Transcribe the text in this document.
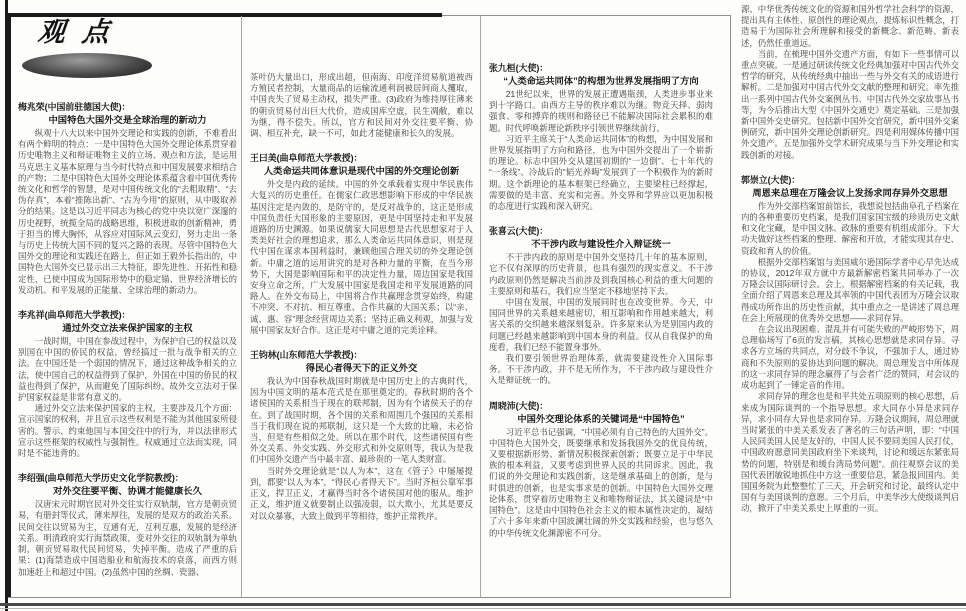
观点
梅兆荣(中国前驻德国大使)：
中国特色大国外交是全球治理的新动力

纵观十八大以来中国外交理论和实践的创新，不难看出有两个鲜明的特点：一是中国特色大国外交理论体系贯穿着历史唯物主义和辩证唯物主义的立场、观点和方法，是运用马克思主义基本原理与当今时代特点和中国发展要求相结合的产物；二是中国特色大国外交理论体系蕴含着中国优秀传统文化和哲学的智慧，是对中国传统文化的“去粗取精”、“去伪存真”，本着“推陈出新”、“古为今用”的原则，从中吸取养分的结果。这是以习近平同志为核心的党中央以宽广深邃的历史视野，统揽全局的战略思维，积极进取的创新精神，勇于担当的博大胸怀，从容应对国际风云变幻，努力走出一条与历史上传统大国不同的复兴之路的表现。尽管中国特色大国外交的理论和实践还在路上，但正如王毅外长指出的，中国特色大国外交已显示出三大特征，即先进性、开拓性和稳定性，已使中国成为国际形势中的稳定锚、世界经济增长的发动机、和平发展的正能量、全球治理的新动力。

李兆祥(曲阜师范大学教授)：
通过外交立法来保护国家的主权

一战时期，中国在参战过程中，为保护自己的权益以及别国在中国的侨民的权益，曾经搞过一批与战争相关的立法。在中国还是一个弱国的情况下，通过这种战争相关的立法，使中国自己的权益得到了保护，外国在中国的侨民的权益也得到了保护，从而避免了国际纠纷。故外交立法对于保护国家权益是非常有意义的。

通过外交立法来保护国家的主权，主要涉及几个方面：宣示国家的权利，并且宣示这些权利是不能为其他国家所侵害的。警示、约束他国与本国交往中的行为，并以法律形式宣示这些框架的权威性与强制性。权威通过立法而实现，同时是不能违背的。

李绍强(曲阜师范大学历史文化学院教授)：
对外交往要平衡、协调才能健康长久

汉唐宋元时期官民对外交往实行双轨制，官方是朝贡贸易，有册封等仪式，薄来厚往，发展的是双方的政治关系。民间交往以贸易为主，互通有无，互利互惠，发展的是经济关系。明清政府实行海禁政策，变对外交往的双轨制为单轨制，朝贡贸易取代民间贸易，失掉平衡。造成了严重的后果：(1)海禁造成中国造船业和航海技术的衰落，而西方则加速赶上和超过中国。(2)虽然中国的丝绸、瓷器、

茶叶仍大量出口，形成出超，但南海、印度洋贸易航道被西方殖民者控制，大量商品的运输流通利润被居间商人攫取，中国丧失了贸易主动权，损失严重。(3)政府为维持厚往薄来的朝贡贸易付出巨大代价，造成国库空虚，民生凋敝，难以为继，得不偿失。所以，官方和民间对外交往要平衡、协调、相互补充，缺一不可，如此才能健康和长久的发展。

王曰美(曲阜师范大学教授)：
人类命运共同体意识是现代中国的外交理论创新

外交是内政的延续。中国的外交承载着实现中华民族伟大复兴的历史重任。在儒家仁政思想影响下形成的中华民族基因注定是内敛的，是防守的，是反对战争的，这正是形成中国负责任大国形象的主要原因，更是中国坚持走和平发展道路的历史渊源。如果说儒家大同思想是古代思想家对于人类美好社会的理想追求，那么人类命运共同体意识，则是现代中国在谋求本国利益时，兼顾他国合理关切的外交理论创新。中庸之道的运用讲究的是对各种力量的平衡，在当今形势下，大国是影响国际和平的决定性力量，周边国家是我国安身立命之所，广大发展中国家是我国走和平发展道路的同路人。在外交布局上，中国将合作共赢理念贯穿始终，构建不冲突、不对抗、相互尊重、合作共赢的大国关系；以“亲、诚、惠、容”理念经营周边关系；坚持正确义利观，加强与发展中国家友好合作。这正是对中庸之道的完美诠释。

王钧林(山东师范大学教授)：
得民心者得天下的正义外交

我认为中国春秋战国时期就是中国历史上的古典时代，因为中国文明的基本范式是在那里奠定的。春秋时期的各个诸侯国的关系相当于现在的联邦制，因为有个诸侯天子的存在。到了战国时期，各个国的关系和周围几个强国的关系相当于我们现在说的邦联制，这只是一个大致的比喻，未必恰当，但是有些相似之处。所以在那个时代，这些诸侯国有些外交关系、外交实践、外交形式和外交原则等，我认为是我们中国外交遗产当中最丰富、最珍贵的一笔人类财富。

当时外交理论就是“以人为本”，这在《管子》中屡屡提到，都要“以人为本”，“得民心者得天下”。当时齐桓公靠军事正义，捍卫正义，才赢得当时各个诸侯国对他的服从。维护正义，维护道义就要制止以强凌弱，以大欺小，尤其是要反对以众暴寡，大致上做到平等相待，维护正常秩序。

张九桓(大使)：
“人类命运共同体”的构想为世界发展指明了方向

21世纪以来，世界的发展正遭遇瓶颈，人类进步事业来到十字路口。由西方主导的秩序难以为继。物竞天择、弱肉强食、零和搏弈的规则和路径已不能解决国际社会累积的难题。时代呼唤新理论新秩序引领世界继续前行。

习近平主席关于“人类命运共同体”的构想，为中国发展和世界发展指明了方向和路径，也为中国外交提出了一个崭新的理论。标志中国外交从建国初期的“一边倒”、七十年代的“一条线”、冷战后的“韬光养晦”发展到了一个积极作为的新时期。这个新理论的基本框架已经确立，主要梁柱已经撑起，需要做的是丰富、充实和完善。外交界和学界应以更加积极的态度进行实践和深入研究。

张喜云(大使)：
不干涉内政与建设性介入辩证统一

不干涉内政的原则是中国外交坚持几十年的基本原则，它不仅有深厚的历史背景，也具有强烈的现实意义。不干涉内政原则仍然是解决当前涉及到我国核心利益的重大问题的主要原则和基石，我们应当坚定不移地坚持下去。

中国在发展，中国的发展同时也在改变世界。今天，中国同世界的关系越来越密切，相互影响和作用越来越大，利害关系的交织越来越深刻复杂。许多原来认为是别国内政的问题已经越来越影响到中国本身的利益。仅从自我保护的角度看，我们已经不能置身事外。

我们要引领世界治理体系，就需要建设性介入国际事务。不干涉内政，并不是无所作为，不干涉内政与建设性介入是辩证统一的。

周晓沛(大使)：
中国外交理论体系的关键词是“中国特色”

习近平总书记强调，“中国必须有自己特色的大国外交”。中国特色大国外交，既要继承和发扬我国外交的优良传统，又要根据新形势、新情况积极探索创新；既要立足于中华民族的根本利益，又要考虑到世界人民的共同诉求。因此，我们说的外交理论和实践创新，这是继承基础上的创新，是与时俱进的创新，也是实事求是的创新。中国特色大国外交理论体系，贯穿着历史唯物主义和唯物辩证法，其关键词是“中国特色”。这是由中国特色社会主义的根本属性决定的，凝结了六十多年来新中国波澜壮阔的外交实践和经验，也与悠久的中华传统文化渊源密不可分。

源、中华优秀传统文化的资源和国外哲学社会科学的资源，提出具有主体性、原创性的理论观点，提炼标识性概念，打造易于为国际社会所理解和接受的新概念、新范畴、新表述，仍然任重道远。

当前，在梳理中国外交遗产方面，有如下一些事情可以重点突破。一是通过研读传统文化经典加强对中国古代外交哲学的研究，从传统经典中抽出一些与外交有关的成语进行解析。二是加强对中国古代外交文献的整理和研究。率先推出一系列中国古代外交案例丛书、中国古代外交家故事丛书等，为今后推出大型《中国外交通史》奠定基础。三是加强新中国外交史研究。包括新中国外交官研究，新中国外交案例研究，新中国外交理论创新研究。四是利用媒体传播中国外交遗产。五是加强外交学术研究成果与当下外交理论和实践创新的对接。

郭崇立(大使)：
周恩来总理在万隆会议上发扬求同存异外交思想

作为外交部档案馆前馆长，我想说包括曲阜孔子档案在内的各种重要历史档案，是我们国家国宝级的珍贵历史文献和文化宝藏，是中国文脉、政脉的重要有机组成部分。下大功夫做好这些档案的整理、解密和开放，才能实现其存史、资政和育人的价值。

根据外交部档案馆与美国威尔逊国际学者中心早先达成的协议，2012年双方就中方最新解密档案共同举办了一次万隆会议国际研讨会。会上，根据解密档案的有关记载，我全面介绍了周恩来总理及其率领的中国代表团为万隆会议取得成功所作出的历史性贡献，其中重点之一是讲述了周总理在会上所展现的优秀外交思想——求同存异。

在会议出现困难、混乱并有可能失败的严峻形势下，周总理临场写了6页的发言稿，其核心思想就是求同存异。寻求各方立场的共同点，对分歧不争议，不强加于人，通过协商和不失原则的妥协达到问题的解决。周总理发言中所体现的这一求同存异的理念赢得了与会者广泛的赞同，对会议的成功起到了一锤定音的作用。

求同存异的理念也是和平共处五项原则的核心思想，后来成为国际谈判的一个指导思想。求大同存小异是求同存异，求小同存大异也是求同存异。万隆会议期间，周总理就当时紧张的中美关系发表了著名的三句话声明，即：“中国人民同美国人民是友好的，中国人民不要同美国人民打仗，中国政府愿意同美国政府坐下来谈判，讨论和缓远东紧张局势的问题，特别是和缓台湾局势问题”。前往观察会议的美国代表团敏锐地抓住中方这一重要信息，紧急报回国内。美国国务院为此整整忙了三天，开会研究和讨论，最终认定中国有与美国谈判的意愿。三个月后，中美华沙大使级谈判启动，掀开了中美关系史上厚重的一页。
